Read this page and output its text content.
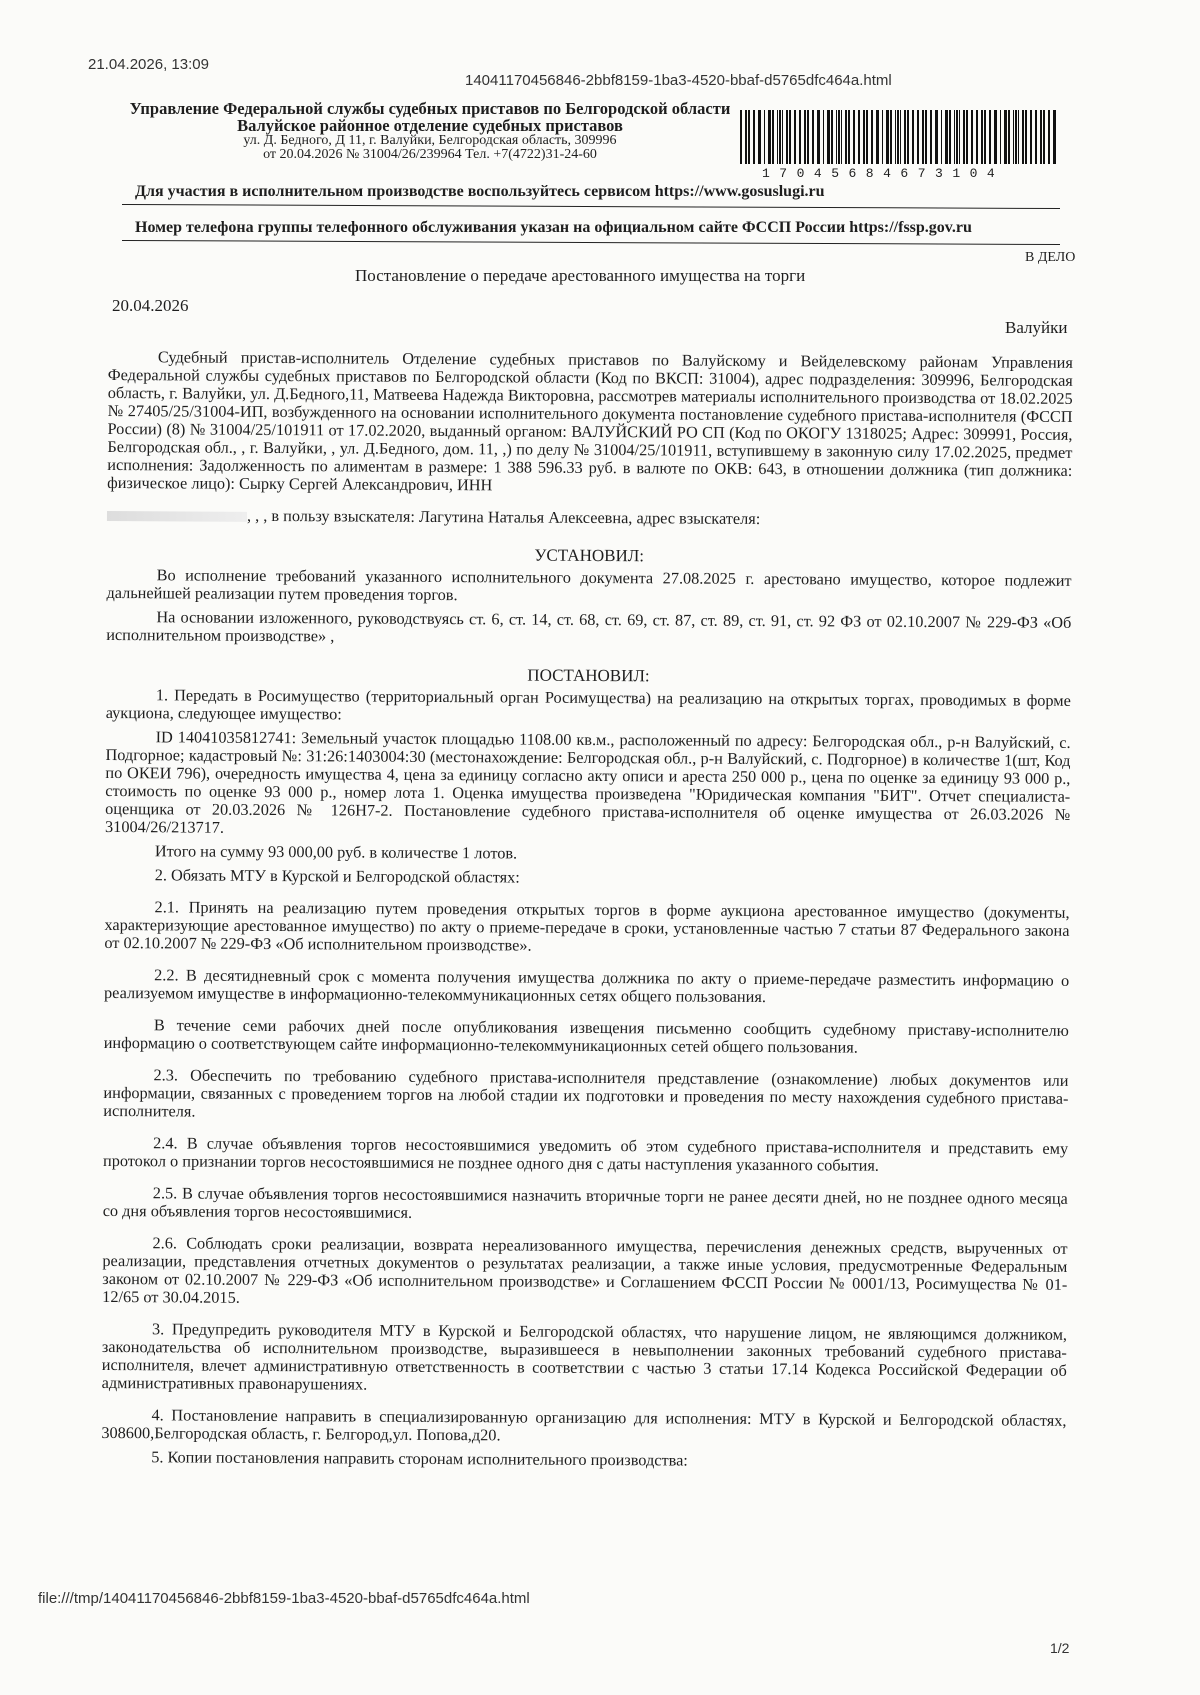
21.04.2026, 13:09
14041170456846-2bbf8159-1ba3-4520-bbaf-d5765dfc464a.html
Управление Федеральной службы судебных приставов по Белгородской области
Валуйское районное отделение судебных приставов
ул. Д. Бедного, Д 11, г. Валуйки, Белгородская область, 309996
от 20.04.2026 № 31004/26/239964 Тел. +7(4722)31-24-60
17045684673104
Для участия в исполнительном производстве воспользуйтесь сервисом https://www.gosuslugi.ru
Номер телефона группы телефонного обслуживания указан на официальном сайте ФССП России https://fssp.gov.ru
В ДЕЛО
Постановление о передаче арестованного имущества на торги
20.04.2026
Валуйки

Судебный пристав-исполнитель Отделение судебных приставов по Валуйскому и Вейделевскому районам Управления Федеральной службы судебных приставов по Белгородской области (Код по ВКСП: 31004), адрес подразделения: 309996, Белгородская область, г. Валуйки, ул. Д.Бедного,11, Матвеева Надежда Викторовна, рассмотрев материалы исполнительного производства от 18.02.2025 № 27405/25/31004-ИП, возбужденного на основании исполнительного документа постановление судебного пристава-исполнителя (ФССП России) (8) № 31004/25/101911 от 17.02.2020, выданный органом: ВАЛУЙСКИЙ РО СП (Код по ОКОГУ 1318025; Адрес: 309991, Россия, Белгородская обл., , г. Валуйки, , ул. Д.Бедного, дом. 11, ,) по делу № 31004/25/101911, вступившему в законную силу 17.02.2025, предмет исполнения: Задолженность по алиментам в размере: 1 388 596.33 руб. в валюте по ОКВ: 643, в отношении должника (тип должника: физическое лицо): Сырку Сергей Александрович, ИНН

, , , в пользу взыскателя: Лагутина Наталья Алексеевна, адрес взыскателя:

УСТАНОВИЛ:

Во исполнение требований указанного исполнительного документа 27.08.2025 г. арестовано имущество, которое подлежит дальнейшей реализации путем проведения торгов.

На основании изложенного, руководствуясь ст. 6, ст. 14, ст. 68, ст. 69, ст. 87, ст. 89, ст. 91, ст. 92 ФЗ от 02.10.2007 № 229-ФЗ «Об исполнительном производстве» ,

ПОСТАНОВИЛ:

1. Передать в Росимущество (территориальный орган Росимущества) на реализацию на открытых торгах, проводимых в форме аукциона, следующее имущество:

ID 14041035812741: Земельный участок площадью 1108.00 кв.м., расположенный по адресу: Белгородская обл., р-н Валуйский, с. Подгорное; кадастровый №: 31:26:1403004:30 (местонахождение: Белгородская обл., р-н Валуйский, с. Подгорное) в количестве 1(шт, Код по ОКЕИ 796), очередность имущества 4, цена за единицу согласно акту описи и ареста 250 000 р., цена по оценке за единицу 93 000 р., стоимость по оценке 93 000 р., номер лота 1. Оценка имущества произведена "Юридическая компания "БИТ". Отчет специалиста-оценщика от 20.03.2026 № 126Н7-2. Постановление судебного пристава-исполнителя об оценке имущества от 26.03.2026 № 31004/26/213717.

Итого на сумму 93 000,00 руб. в количестве 1 лотов.

2. Обязать МТУ в Курской и Белгородской областях:

2.1. Принять на реализацию путем проведения открытых торгов в форме аукциона арестованное имущество (документы, характеризующие арестованное имущество) по акту о приеме-передаче в сроки, установленные частью 7 статьи 87 Федерального закона от 02.10.2007 № 229-ФЗ «Об исполнительном производстве».

2.2. В десятидневный срок с момента получения имущества должника по акту о приеме-передаче разместить информацию о реализуемом имуществе в информационно-телекоммуникационных сетях общего пользования.

В течение семи рабочих дней после опубликования извещения письменно сообщить судебному приставу-исполнителю информацию о соответствующем сайте информационно-телекоммуникационных сетей общего пользования.

2.3. Обеспечить по требованию судебного пристава-исполнителя представление (ознакомление) любых документов или информации, связанных с проведением торгов на любой стадии их подготовки и проведения по месту нахождения судебного пристава-исполнителя.

2.4. В случае объявления торгов несостоявшимися уведомить об этом судебного пристава-исполнителя и представить ему протокол о признании торгов несостоявшимися не позднее одного дня с даты наступления указанного события.

2.5. В случае объявления торгов несостоявшимися назначить вторичные торги не ранее десяти дней, но не позднее одного месяца со дня объявления торгов несостоявшимися.

2.6. Соблюдать сроки реализации, возврата нереализованного имущества, перечисления денежных средств, вырученных от реализации, представления отчетных документов о результатах реализации, а также иные условия, предусмотренные Федеральным законом от 02.10.2007 № 229-ФЗ «Об исполнительном производстве» и Соглашением ФССП России № 0001/13, Росимущества № 01-12/65 от 30.04.2015.

3. Предупредить руководителя МТУ в Курской и Белгородской областях, что нарушение лицом, не являющимся должником, законодательства об исполнительном производстве, выразившееся в невыполнении законных требований судебного пристава-исполнителя, влечет административную ответственность в соответствии с частью 3 статьи 17.14 Кодекса Российской Федерации об административных правонарушениях.

4. Постановление направить в специализированную организацию для исполнения: МТУ в Курской и Белгородской областях, 308600,Белгородская область, г. Белгород,ул. Попова,д20.

5. Копии постановления направить сторонам исполнительного производства:

file:///tmp/14041170456846-2bbf8159-1ba3-4520-bbaf-d5765dfc464a.html
1/2
